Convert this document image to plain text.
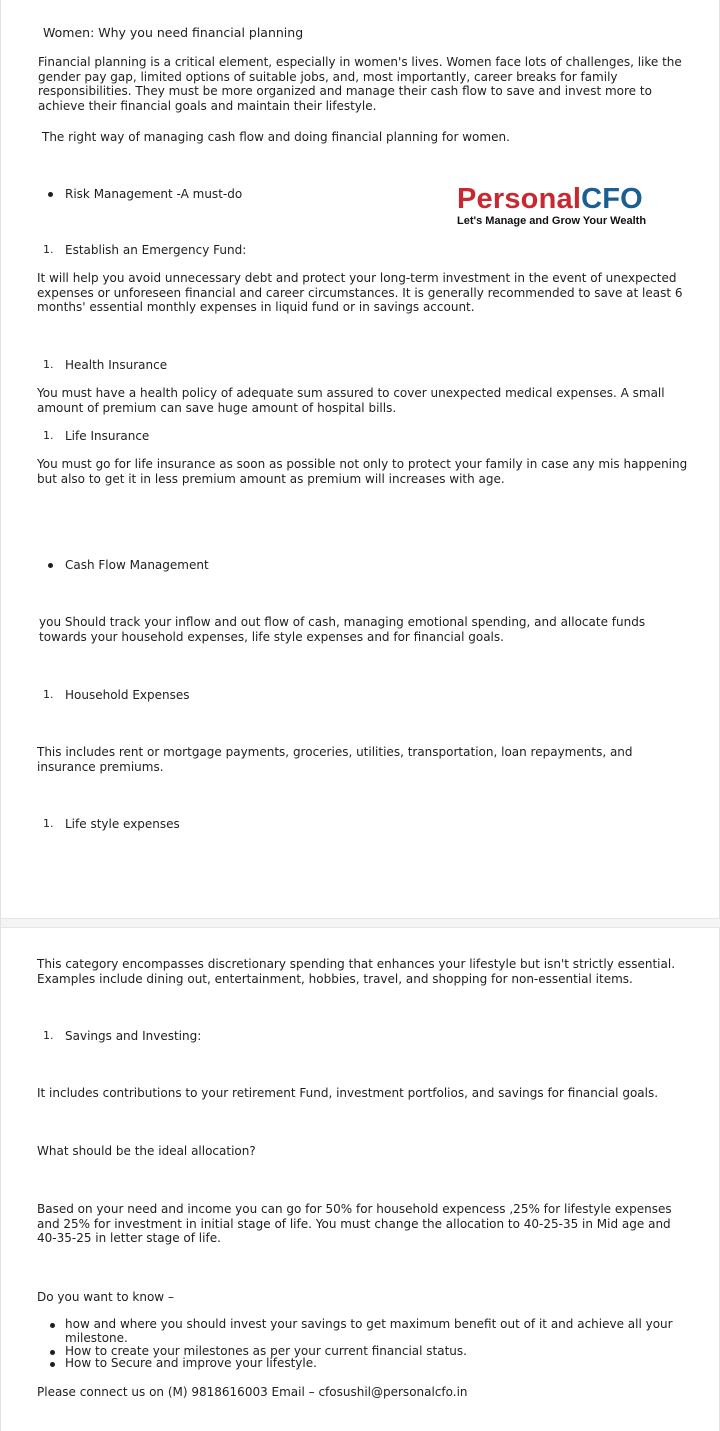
Women: Why you need financial planning
Financial planning is a critical element, especially in women's lives. Women face lots of challenges, like the gender pay gap, limited options of suitable jobs, and, most importantly, career breaks for family responsibilities. They must be more organized and manage their cash flow to save and invest more to achieve their financial goals and maintain their lifestyle.
The right way of managing cash flow and doing financial planning for women.
Risk Management -A must-do	PersonalCFO
Let's Manage and Grow Your Wealth
1. Establish an Emergency Fund:
It will help you avoid unnecessary debt and protect your long-term investment in the event of unexpected expenses or unforeseen financial and career circumstances. It is generally recommended to save at least 6 months' essential monthly expenses in liquid fund or in savings account.
1. Health Insurance
You must have a health policy of adequate sum assured to cover unexpected medical expenses. A small amount of premium can save huge amount of hospital bills.
1. Life Insurance
You must go for life insurance as soon as possible not only to protect your family in case any mis happening but also to get it in less premium amount as premium will increases with age.
Cash Flow Management
you Should track your inflow and out flow of cash, managing emotional spending, and allocate funds towards your household expenses, life style expenses and for financial goals.
1. Household Expenses
This includes rent or mortgage payments, groceries, utilities, transportation, loan repayments, and insurance premiums.
1. Life style expenses
This category encompasses discretionary spending that enhances your lifestyle but isn't strictly essential. Examples include dining out, entertainment, hobbies, travel, and shopping for non-essential items.
1. Savings and Investing:
It includes contributions to your retirement Fund, investment portfolios, and savings for financial goals.
What should be the ideal allocation?
Based on your need and income you can go for 50% for household expencess ,25% for lifestyle expenses and 25% for investment in initial stage of life. You must change the allocation to 40-25-35 in Mid age and 40-35-25 in letter stage of life.
Do you want to know –
how and where you should invest your savings to get maximum benefit out of it and achieve all your milestone.
How to create your milestones as per your current financial status.
How to Secure and improve your lifestyle.
Please connect us on (M) 9818616003 Email – cfosushil@personalcfo.in
